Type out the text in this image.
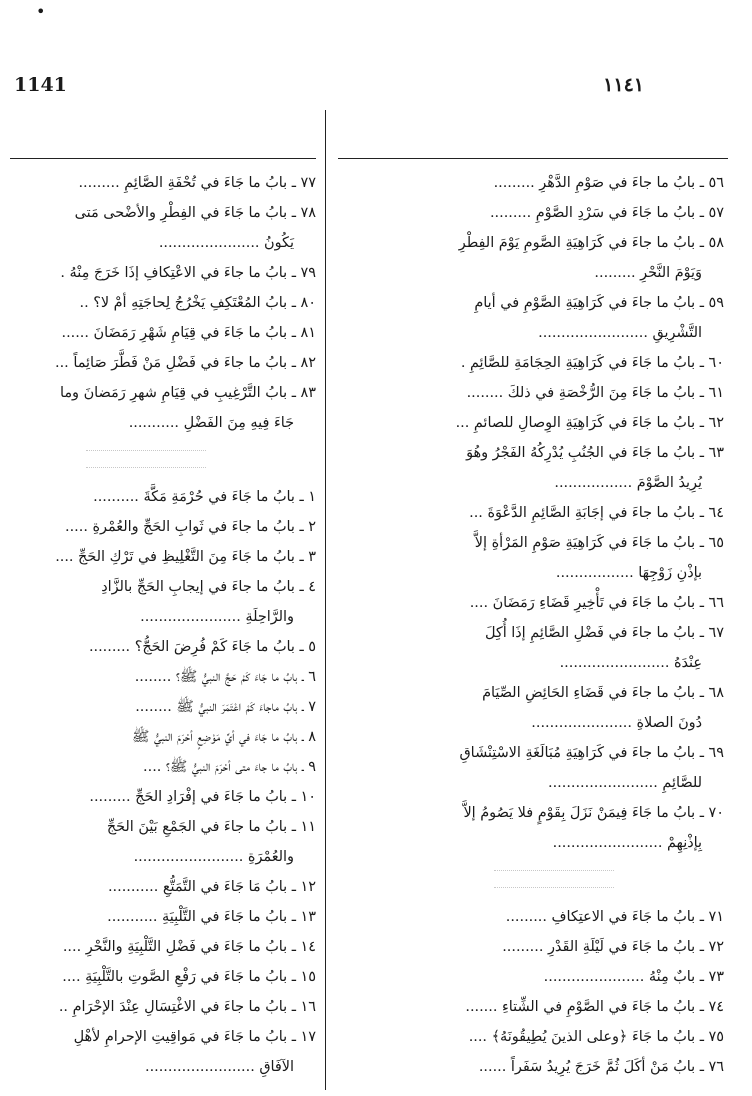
•
1141	١١٤١
٥٦ ـ بابُ ما جاءَ في صَوْمِ الدَّهْرِ .........
٥٧ ـ بابُ ما جَاءَ في سَرْدِ الصَّوْمِ .........
٥٨ ـ بابُ ما جاءَ في كَرَاهِيَةِ الصَّومِ يَوْمَ الفِطْرِ
وَيَوْمَ النَّحْرِ .........
٥٩ ـ بابُ ما جاءَ في كَرَاهِيَةِ الصَّوْمِ في أيامِ
التَّشْرِيقِ ........................
٦٠ ـ بابُ ما جَاءَ في كَرَاهِيَةِ الحِجَامَةِ للصَّائِمِ .
٦١ ـ بابُ ما جَاءَ مِنَ الرُّخْصَةِ في ذلكَ ........
٦٢ ـ بابُ ما جَاءَ في كَرَاهِيَةِ الوِصالِ للصائمِ ...
٦٣ ـ بابُ ما جَاءَ في الجُنُبِ يُدْرِكُهُ الفَجْرُ وهُوَ
يُرِيدُ الصَّوْمَ .................
٦٤ ـ بابُ ما جاءَ في إجَابَةِ الصَّائِمِ الدَّعْوَةَ ...
٦٥ ـ بابُ ما جَاءَ في كَرَاهِيَةِ صَوْمِ المَرْأةِ إلاَّ
بإذْنِ زَوْجِهَا .................
٦٦ ـ بابُ ما جَاءَ في تَأْخِيرِ قَضَاءِ رَمَضَانَ ....
٦٧ ـ بابُ ما جاءَ في فَضْلِ الصَّائِمِ إذَا أُكِلَ
عِنْدَهُ ........................
٦٨ ـ بابُ ما جاءَ في قَضَاءِ الحَائِضِ الصِّيَامَ
دُونَ الصلاةِ ......................
٦٩ ـ بابُ ما جاءَ في كَرَاهِيَةِ مُبَالَغَةِ الاسْتِنْشَاقِ
للصَّائِمِ ........................
٧٠ ـ بابُ ما جَاءَ فِيمَنْ نَزَلَ بِقَوْمٍ فلا يَصُومُ إلاَّ
بِإذْنِهِمْ ........................
٧١ ـ بابُ ما جَاءَ في الاعتِكافِ .........
٧٢ ـ بابُ ما جَاءَ في لَيْلَةِ القَدْرِ .........
٧٣ ـ بابٌ مِنْهُ ......................
٧٤ ـ بابُ ما جَاءَ في الصَّوْمِ في الشِّتاءِ .......
٧٥ ـ بابُ ما جَاءَ ﴿وعلى الذينَ يُطِيقُونَهُ﴾ ....
٧٦ ـ بابُ مَنْ أكَلَ ثُمَّ خَرَجَ يُرِيدُ سَفَراً ......
٧٧ ـ بابُ ما جَاءَ في تُحْفَةِ الصَّائِمِ .........
٧٨ ـ بابُ ما جَاءَ في الفِطْرِ والأضْحى مَتى
يَكُونُ ......................
٧٩ ـ بابُ ما جاءَ في الاعْتِكافِ إذَا خَرَجَ مِنْهُ .
٨٠ ـ بابُ المُعْتَكِفِ يَخْرُجُ لِحاجَتِهِ أمْ لا؟ ..
٨١ ـ بابُ ما جَاءَ في قِيَامِ شَهْرِ رَمَضَانَ ......
٨٢ ـ بابُ ما جاءَ في فَضْلِ مَنْ فَطَّرَ صَائِماً ...
٨٣ ـ بابُ التَّرْغِيبِ في قِيَامِ شهرِ رَمَضانَ وما
جَاءَ فِيهِ مِنَ الفَضْلِ ...........
١ ـ بابُ ما جَاءَ في حُرْمَةِ مَكَّةَ ..........
٢ ـ بابُ ما جاءَ في ثَوابِ الحَجِّ والعُمْرةِ .....
٣ ـ بابُ ما جَاءَ مِنَ التَّغْلِيظِ في تَرْكِ الحَجِّ ....
٤ ـ بابُ ما جاءَ في إيجابِ الحَجِّ بالزَّادِ
والرَّاحِلَةِ ......................
٥ ـ بابُ ما جَاءَ كَمْ فُرِضَ الحَجُّ؟ .........
٦ ـ بابُ ما جَاءَ كَمْ حَجَّ النبيُّ ﷺ؟ ........
٧ ـ بابُ ماجاءَ كَمْ اعْتَمَرَ النبيُّ ﷺ ........
٨ ـ بابُ ما جَاءَ في أيِّ مَوْضِعٍ أحْرَمَ النبيُّ ﷺ
٩ ـ بابُ ما جاءَ متى أحْرَمَ النبيُّ ﷺ؟ ....
١٠ ـ بابُ ما جَاءَ في إفْرَادِ الحَجِّ .........
١١ ـ بابُ ما جاءَ في الجَمْعِ بَيْنَ الحَجِّ
والعُمْرَةِ ........................
١٢ ـ بابُ مَا جَاءَ في التَّمَتُّعِ ...........
١٣ ـ بابُ ما جَاءَ في التَّلْبِيَةِ ...........
١٤ ـ بابُ ما جَاءَ في فَضْلِ التَّلْبِيَةِ والنَّحْرِ ....
١٥ ـ بابُ ما جَاءَ في رَفْعِ الصَّوتِ بالتَّلْبِيَةِ ....
١٦ ـ بابُ ما جاءَ في الاغْتِسَالِ عِنْدَ الإحْرَامِ ..
١٧ ـ بابُ ما جَاءَ في مَواقِيتِ الإحرامِ لأهْلِ
الآفَاقِ ........................
